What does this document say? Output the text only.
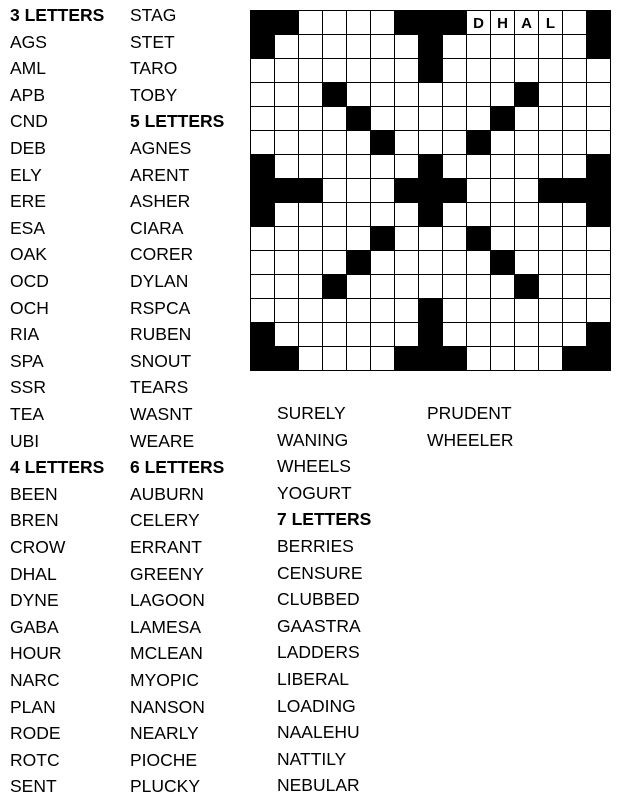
3 LETTERS
AGS
AML
APB
CND
DEB
ELY
ERE
ESA
OAK
OCD
OCH
RIA
SPA
SSR
TEA
UBI
4 LETTERS
BEEN
BREN
CROW
DHAL
DYNE
GABA
HOUR
NARC
PLAN
RODE
ROTC
SENT
STAG
STET
TARO
TOBY
5 LETTERS
AGNES
ARENT
ASHER
CIARA
CORER
DYLAN
RSPCA
RUBEN
SNOUT
TEARS
WASNT
WEARE
6 LETTERS
AUBURN
CELERY
ERRANT
GREENY
LAGOON
LAMESA
MCLEAN
MYOPIC
NANSON
NEARLY
PIOCHE
PLUCKY
SURELY
WANING
WHEELS
YOGURT
7 LETTERS
BERRIES
CENSURE
CLUBBED
GAASTRA
LADDERS
LIBERAL
LOADING
NAALEHU
NATTILY
NEBULAR
PRUDENT
WHEELER
D H A L
